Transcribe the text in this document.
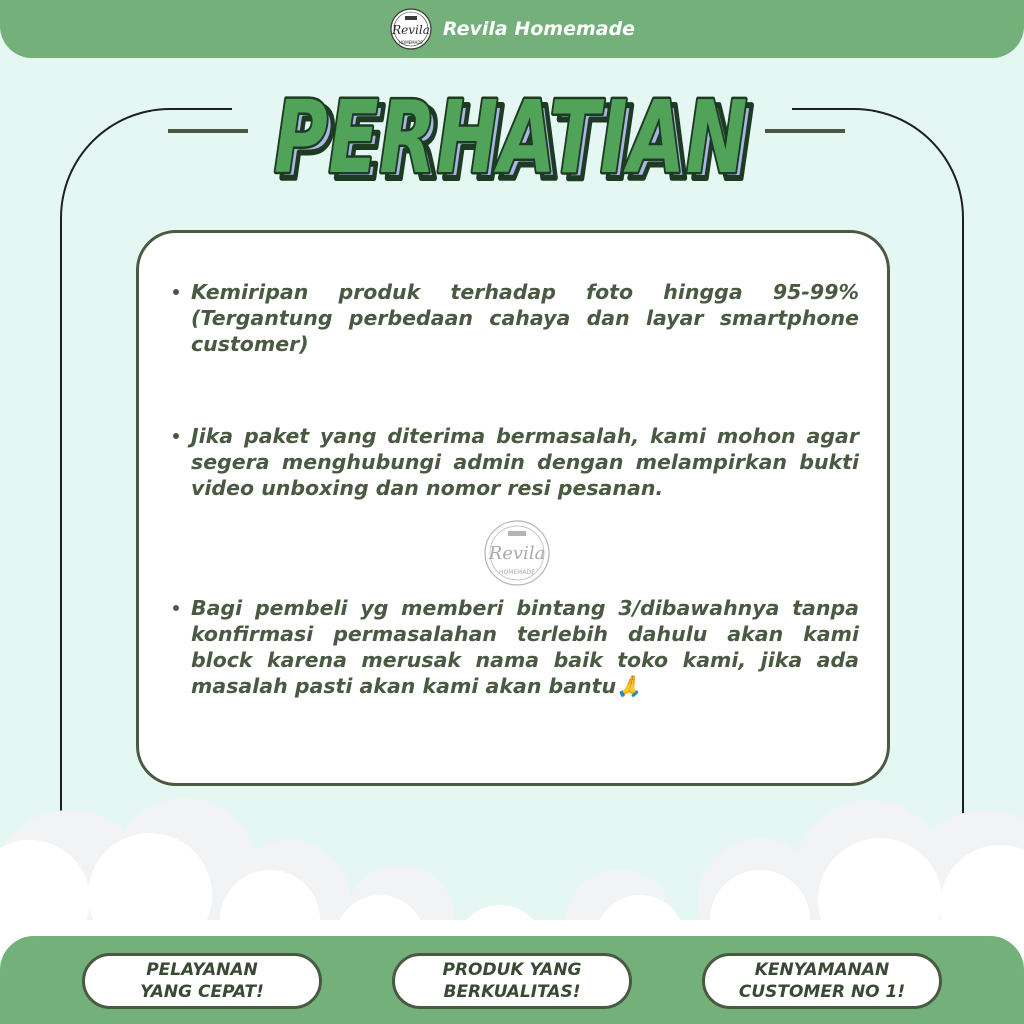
Revila
HOMEMADE
Revila Homemade
PERHATIAN
PERHATIAN
Kemiripan produk terhadap foto hingga 95-99% (Tergantung perbedaan cahaya dan layar smartphone customer)
Jika paket yang diterima bermasalah, kami mohon agar segera menghubungi admin dengan melampirkan bukti video unboxing dan nomor resi pesanan.
Bagi pembeli yg memberi bintang 3/dibawahnya tanpa konfirmasi permasalahan terlebih dahulu akan kami block karena merusak nama baik toko kami, jika ada masalah pasti akan kami akan bantu🙏
Revila
HOMEMADE
PELAYANAN
YANG CEPAT!
PRODUK YANG
BERKUALITAS!
KENYAMANAN
CUSTOMER NO 1!
